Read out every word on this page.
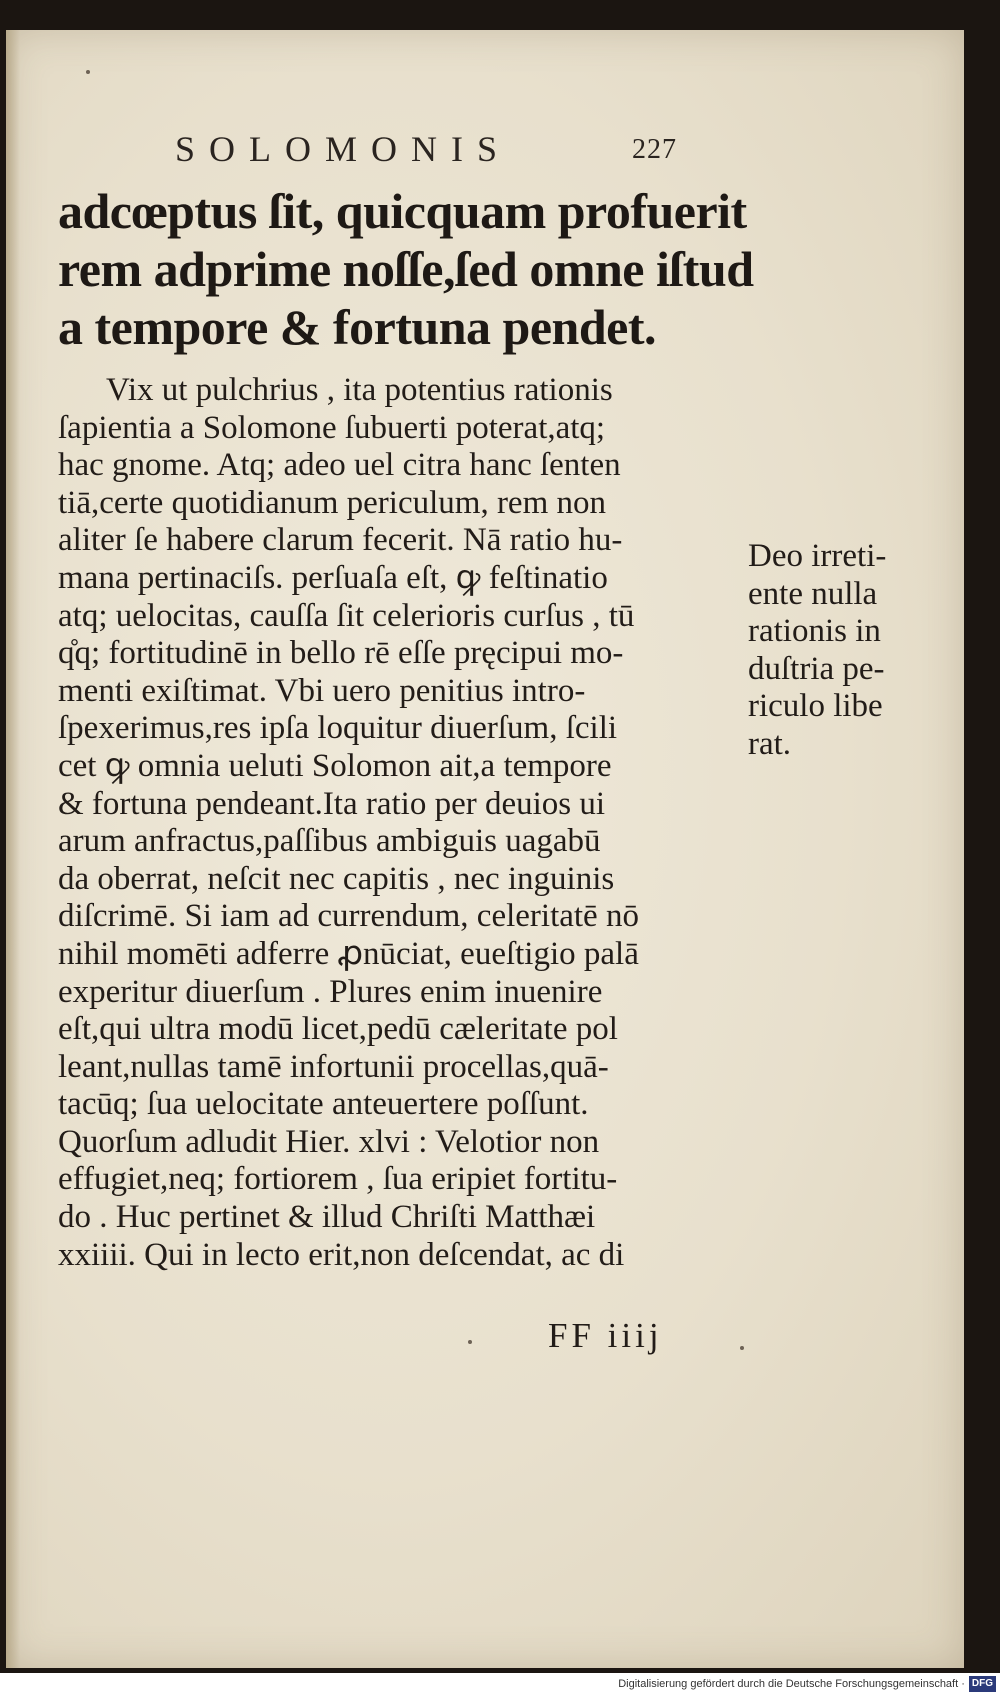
SOLOMONIS	227
adcœptus ſit, quicquam profuerit
rem adprime noſſe,ſed omne iſtud
a tempore & fortuna pendet.
Vix ut pulchrius , ita potentius rationis
ſapientia a Solomone ſubuerti poterat,atq;
hac gnome. Atq; adeo uel citra hanc ſenten
tiā,certe quotidianum periculum, rem non
aliter ſe habere clarum fecerit. Nā ratio hu‐
mana pertinaciſs. perſuaſa eſt, ꝙ feſtinatio
atq; uelocitas, cauſſa ſit celerioris curſus , tū
q̊q; fortitudinē in bello rē eſſe pręcipui mo‐
menti exiſtimat. Vbi uero penitius intro‐
ſpexerimus,res ipſa loquitur diuerſum, ſcili
cet ꝙ omnia ueluti Solomon ait,a tempore
& fortuna pendeant.Ita ratio per deuios ui
arum anfractus,paſſibus ambiguis uagabū
da oberrat, neſcit nec capitis , nec inguinis
diſcrimē. Si iam ad currendum, celeritatē nō
nihil momēti adferre ꝓnūciat, eueſtigio palā
experitur diuerſum . Plures enim inuenire
eſt,qui ultra modū licet,pedū cæleritate pol
leant,nullas tamē infortunii procellas,quā‐
tacūq; ſua uelocitate anteuertere poſſunt.
Quorſum adludit Hier. xlvi : Velotior non
effugiet,neq; fortiorem , ſua eripiet fortitu‐
do . Huc pertinet & illud Chriſti Matthæi
xxiiii. Qui in lecto erit,non deſcendat, ac di
Deo irreti‐
ente nulla
rationis in
duſtria pe‐
riculo libe
rat.
FF iiij
Digitalisierung gefördert durch die Deutsche Forschungsgemeinschaft · DFG
